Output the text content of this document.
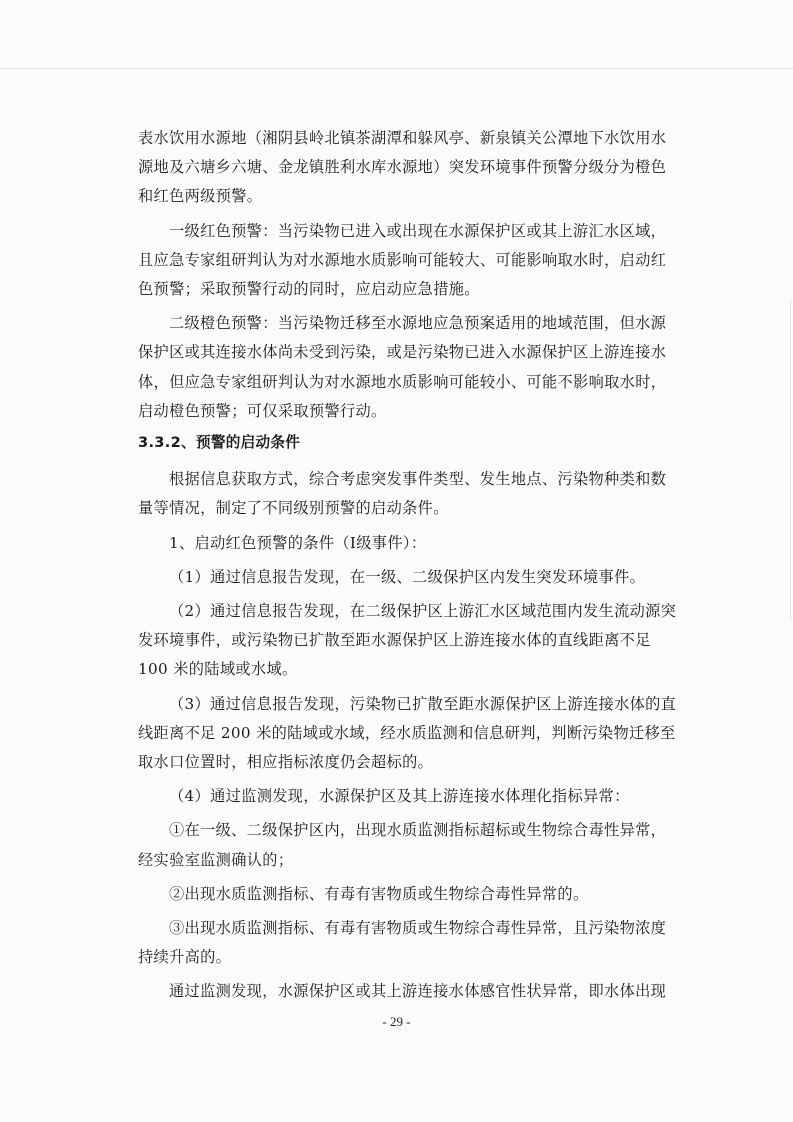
表水饮用水源地（湘阴县岭北镇茶湖潭和躲风亭、新泉镇关公潭地下水饮用水

源地及六塘乡六塘、金龙镇胜利水库水源地）突发环境事件预警分级分为橙色

和红色两级预警。

一级红色预警：当污染物已进入或出现在水源保护区或其上游汇水区域，

且应急专家组研判认为对水源地水质影响可能较大、可能影响取水时，启动红

色预警；采取预警行动的同时，应启动应急措施。

二级橙色预警：当污染物迁移至水源地应急预案适用的地域范围，但水源

保护区或其连接水体尚未受到污染，或是污染物已进入水源保护区上游连接水

体，但应急专家组研判认为对水源地水质影响可能较小、可能不影响取水时，

启动橙色预警；可仅采取预警行动。

3.3.2、预警的启动条件

根据信息获取方式，综合考虑突发事件类型、发生地点、污染物种类和数

量等情况，制定了不同级别预警的启动条件。

1、启动红色预警的条件（I级事件）：

（1）通过信息报告发现，在一级、二级保护区内发生突发环境事件。

（2）通过信息报告发现，在二级保护区上游汇水区域范围内发生流动源突

发环境事件，或污染物已扩散至距水源保护区上游连接水体的直线距离不足

100 米的陆域或水域。

（3）通过信息报告发现，污染物已扩散至距水源保护区上游连接水体的直

线距离不足 200 米的陆域或水域，经水质监测和信息研判，判断污染物迁移至

取水口位置时，相应指标浓度仍会超标的。

（4）通过监测发现，水源保护区及其上游连接水体理化指标异常：

①在一级、二级保护区内，出现水质监测指标超标或生物综合毒性异常，

经实验室监测确认的；

②出现水质监测指标、有毒有害物质或生物综合毒性异常的。

③出现水质监测指标、有毒有害物质或生物综合毒性异常，且污染物浓度

持续升高的。

通过监测发现，水源保护区或其上游连接水体感官性状异常，即水体出现

- 29 -
